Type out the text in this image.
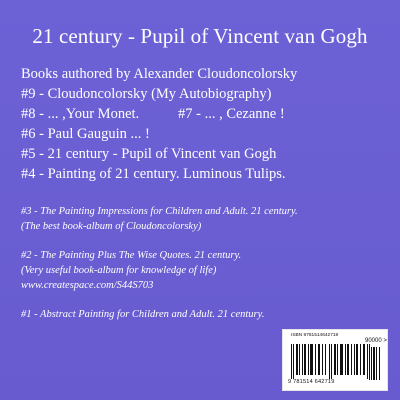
21 century - Pupil of Vincent van Gogh
Books authored by Alexander Cloudoncolorsky
#9 - Cloudoncolorsky (My Autobiography)
#8 - ... ,Your Monet.	#7 - ... , Cezanne !
#6 - Paul Gauguin ... !
#5 - 21 century - Pupil of Vincent van Gogh
#4 - Painting of 21 century. Luminous Tulips.
#3 - The Painting Impressions for Children and Adult. 21 century.
(The best book-album of Cloudoncolorsky)
#2 - The Painting Plus The Wise Quotes. 21 century.
(Very useful book-album for knowledge of life)
www.createspace.com/S44S703
#1 - Abstract Painting for Children and Adult. 21 century.
ISBN 9781514642719
90000 >
9 781514 642719
